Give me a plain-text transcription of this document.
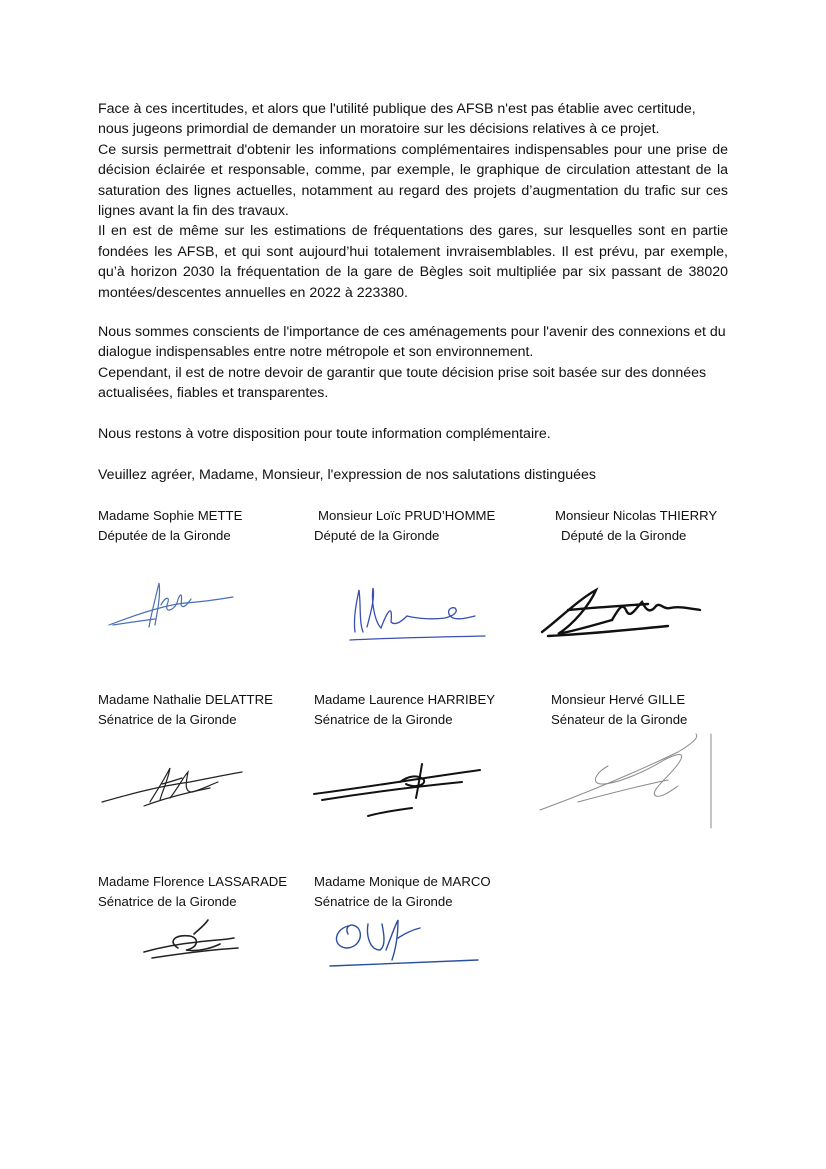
Face à ces incertitudes, et alors que l'utilité publique des AFSB n'est pas établie avec certitude, nous jugeons primordial de demander un moratoire sur les décisions relatives à ce projet.

Ce sursis permettrait d'obtenir les informations complémentaires indispensables pour une prise de décision éclairée et responsable, comme, par exemple, le graphique de circulation attestant de la saturation des lignes actuelles, notamment au regard des projets d’augmentation du trafic sur ces lignes avant la fin des travaux.

Il en est de même sur les estimations de fréquentations des gares, sur lesquelles sont en partie fondées les AFSB, et qui sont aujourd’hui totalement invraisemblables. Il est prévu, par exemple, qu’à horizon 2030 la fréquentation de la gare de Bègles soit multipliée par six passant de 38020 montées/descentes annuelles en 2022 à 223380.

Nous sommes conscients de l'importance de ces aménagements pour l'avenir des connexions et du dialogue indispensables entre notre métropole et son environnement.

Cependant, il est de notre devoir de garantir que toute décision prise soit basée sur des données actualisées, fiables et transparentes.

Nous restons à votre disposition pour toute information complémentaire.

Veuillez agréer, Madame, Monsieur, l'expression de nos salutations distinguées

Madame Sophie METTE
Députée de la Gironde
Monsieur Loïc PRUD’HOMME
Député de la Gironde
Monsieur Nicolas THIERRY
Député de la Gironde
Madame Nathalie DELATTRE
Sénatrice de la Gironde
Madame Laurence HARRIBEY
Sénatrice de la Gironde
Monsieur Hervé GILLE
Sénateur de la Gironde
Madame Florence LASSARADE
Sénatrice de la Gironde
Madame Monique de MARCO
Sénatrice de la Gironde
